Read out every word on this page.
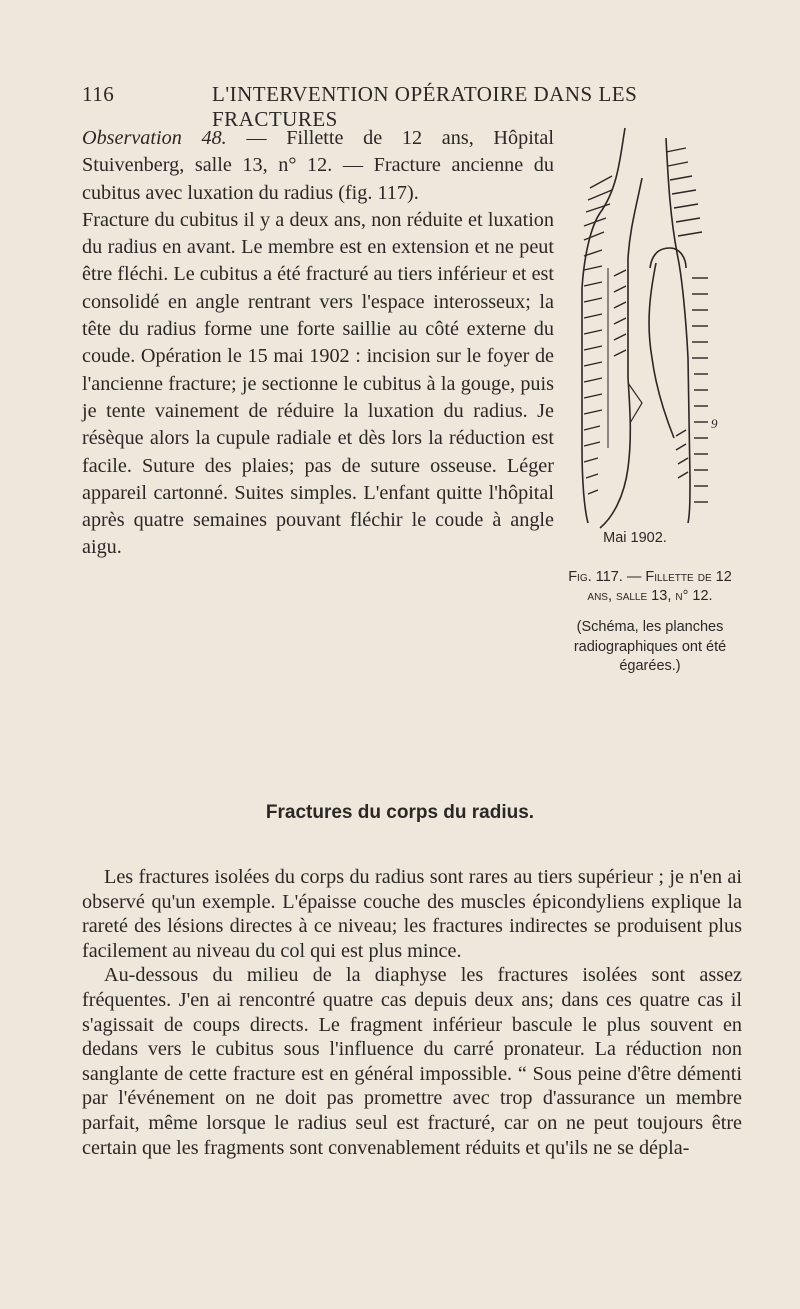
116	L'INTERVENTION OPÉRATOIRE DANS LES FRACTURES

Observation 48. — Fillette de 12 ans, Hôpital Stuivenberg, salle 13, n° 12. — Fracture ancienne du cubitus avec luxation du radius (fig. 117).

Fracture du cubitus il y a deux ans, non réduite et luxation du radius en avant. Le membre est en extension et ne peut être fléchi. Le cubitus a été fracturé au tiers inférieur et est consolidé en angle rentrant vers l'espace interosseux; la tête du radius forme une forte saillie au côté externe du coude. Opération le 15 mai 1902 : incision sur le foyer de l'ancienne fracture; je sectionne le cubitus à la gouge, puis je tente vainement de réduire la luxation du radius. Je résèque alors la cupule radiale et dès lors la réduction est facile. Suture des plaies; pas de suture osseuse. Léger appareil cartonné. Suites simples. L'enfant quitte l'hôpital après quatre semaines pouvant fléchir le coude à angle aigu.

9
Mai 1902.
Fig. 117. — Fillette de 12 ans, salle 13, n° 12.
(Schéma, les planches radiographiques ont été égarées.)
Fractures du corps du radius.

Les fractures isolées du corps du radius sont rares au tiers supérieur ; je n'en ai observé qu'un exemple. L'épaisse couche des muscles épicondyliens explique la rareté des lésions directes à ce niveau; les fractures indirectes se produisent plus facilement au niveau du col qui est plus mince.

Au-dessous du milieu de la diaphyse les fractures isolées sont assez fréquentes. J'en ai rencontré quatre cas depuis deux ans; dans ces quatre cas il s'agissait de coups directs. Le fragment inférieur bascule le plus souvent en dedans vers le cubitus sous l'influence du carré pronateur. La réduction non sanglante de cette fracture est en général impossible. “ Sous peine d'être démenti par l'événement on ne doit pas promettre avec trop d'assurance un membre parfait, même lorsque le radius seul est fracturé, car on ne peut toujours être certain que les fragments sont convenablement réduits et qu'ils ne se dépla-
